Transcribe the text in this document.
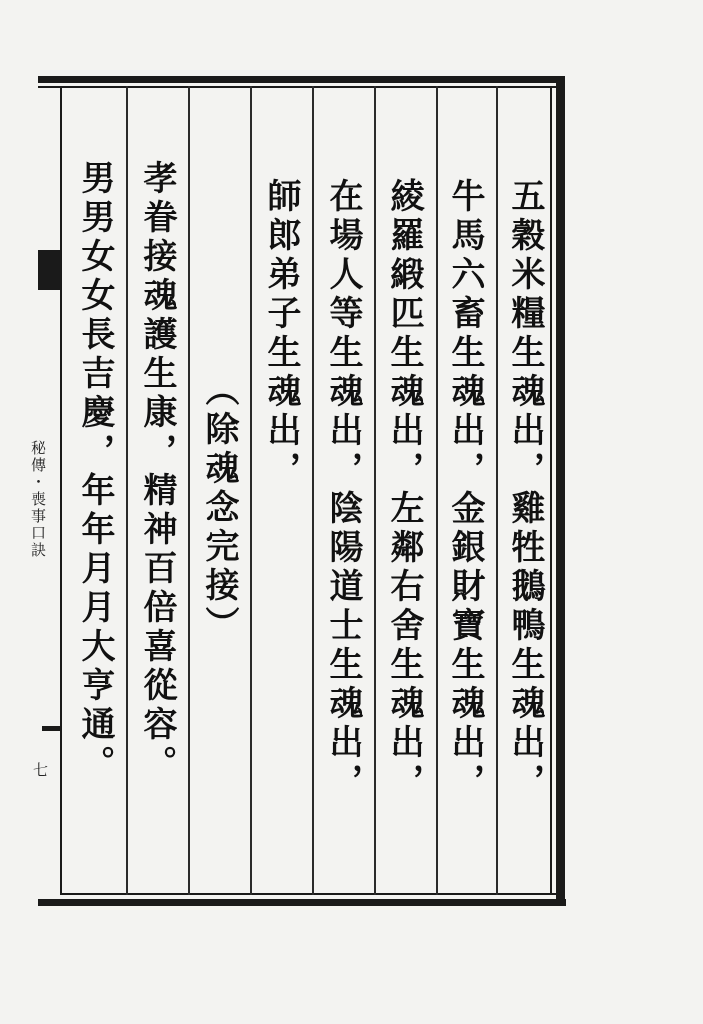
五穀米糧生魂出，雞牲鵝鴨生魂出，
牛馬六畜生魂出，金銀財寶生魂出，
綾羅緞匹生魂出，左鄰右舍生魂出，
在場人等生魂出，陰陽道士生魂出，
師郎弟子生魂出，
（除魂念完接）
孝眷接魂護生康，精神百倍喜從容。
男男女女長吉慶，年年月月大亨通。
秘傳・喪事口訣
七
